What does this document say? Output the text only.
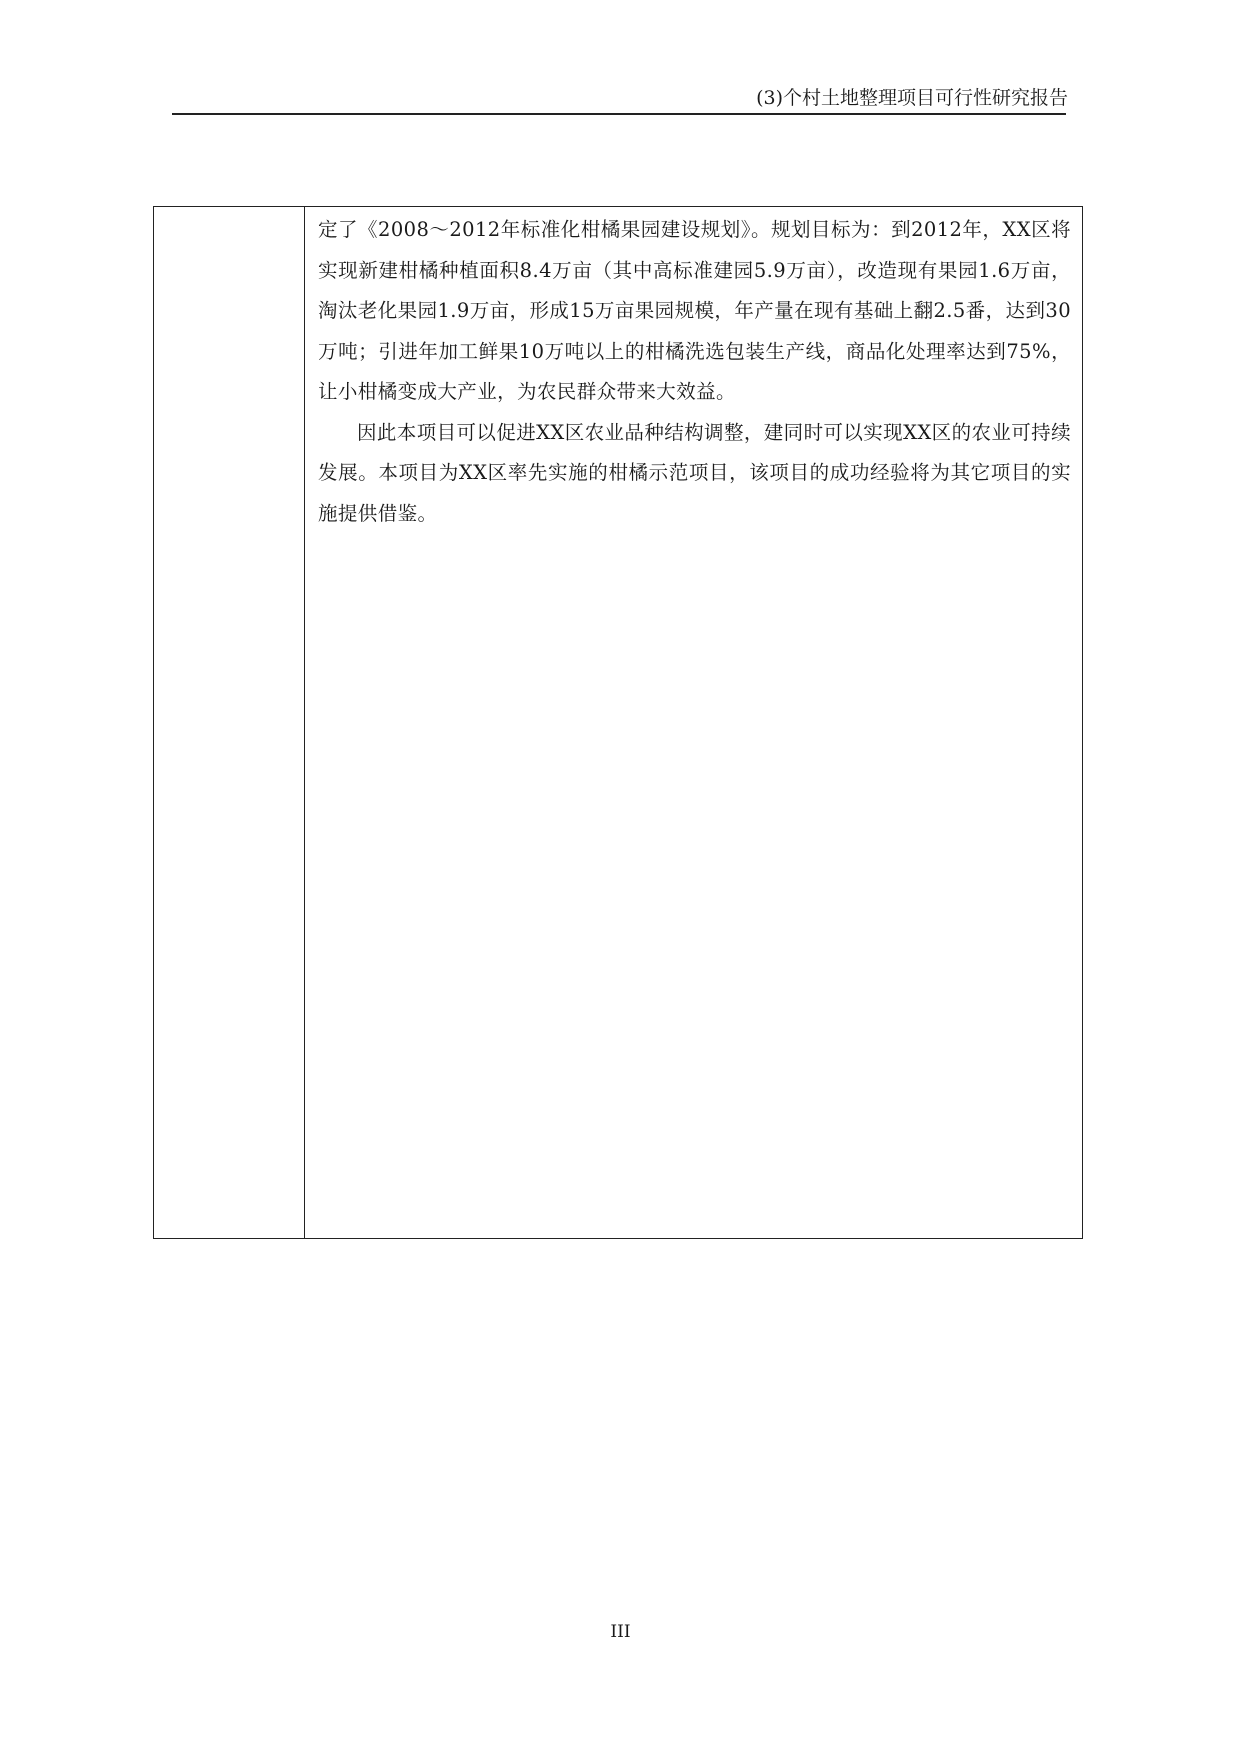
(3)个村土地整理项目可行性研究报告

定了《2008～2012年标准化柑橘果园建设规划》。规划目标为：到2012年，XX区将实现新建柑橘种植面积8.4万亩（其中高标准建园5.9万亩），改造现有果园1.6万亩， 淘汰老化果园1.9万亩，形成15万亩果园规模，年产量在现有基础上翻2.5番，达到30万吨；引进年加工鲜果10万吨以上的柑橘洗选包装生产线，商品化处理率达到75%，让小柑橘变成大产业，为农民群众带来大效益。

因此本项目可以促进XX区农业品种结构调整，建同时可以实现XX区的农业可持续发展。本项目为XX区率先实施的柑橘示范项目，该项目的成功经验将为其它项目的实施提供借鉴。

III
